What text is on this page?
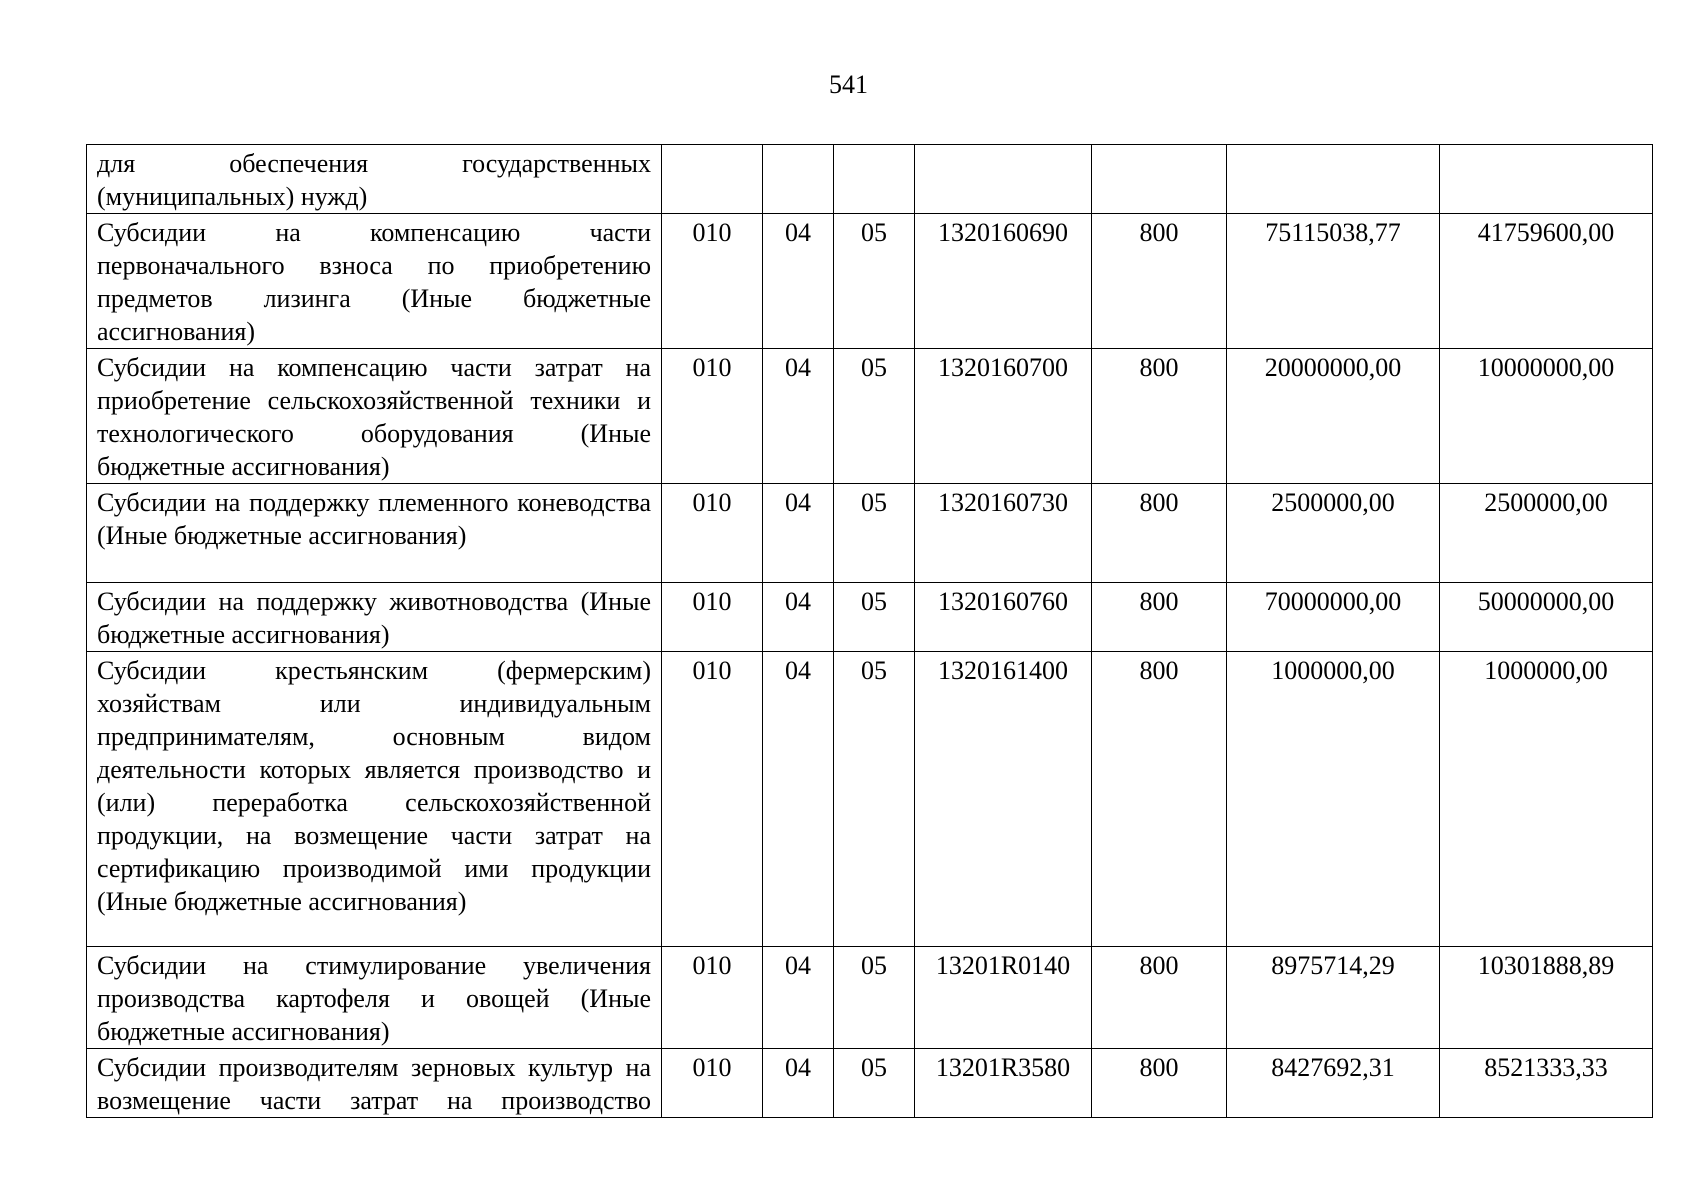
541
для обеспечения государственных (муниципальных) нужд)							
Субсидии на компенсацию части первоначального взноса по приобретению предметов лизинга (Иные бюджетные ассигнования)	010	04	05	1320160690	800	75115038,77	41759600,00
Субсидии на компенсацию части затрат на приобретение сельскохозяйственной техники и технологического оборудования (Иные бюджетные ассигнования)	010	04	05	1320160700	800	20000000,00	10000000,00
Субсидии на поддержку племенного коневодства (Иные бюджетные ассигнования)	010	04	05	1320160730	800	2500000,00	2500000,00
Субсидии на поддержку животноводства (Иные бюджетные ассигнования)	010	04	05	1320160760	800	70000000,00	50000000,00
Субсидии крестьянским (фермерским) хозяйствам или индивидуальным предпринимателям, основным видом деятельности которых является производство и (или) переработка сельскохозяйственной продукции, на возмещение части затрат на сертификацию производимой ими продукции (Иные бюджетные ассигнования)	010	04	05	1320161400	800	1000000,00	1000000,00
Субсидии на стимулирование увеличения производства картофеля и овощей (Иные бюджетные ассигнования)	010	04	05	13201R0140	800	8975714,29	10301888,89
Субсидии производителям зерновых культур на возмещение части затрат на производство	010	04	05	13201R3580	800	8427692,31	8521333,33
